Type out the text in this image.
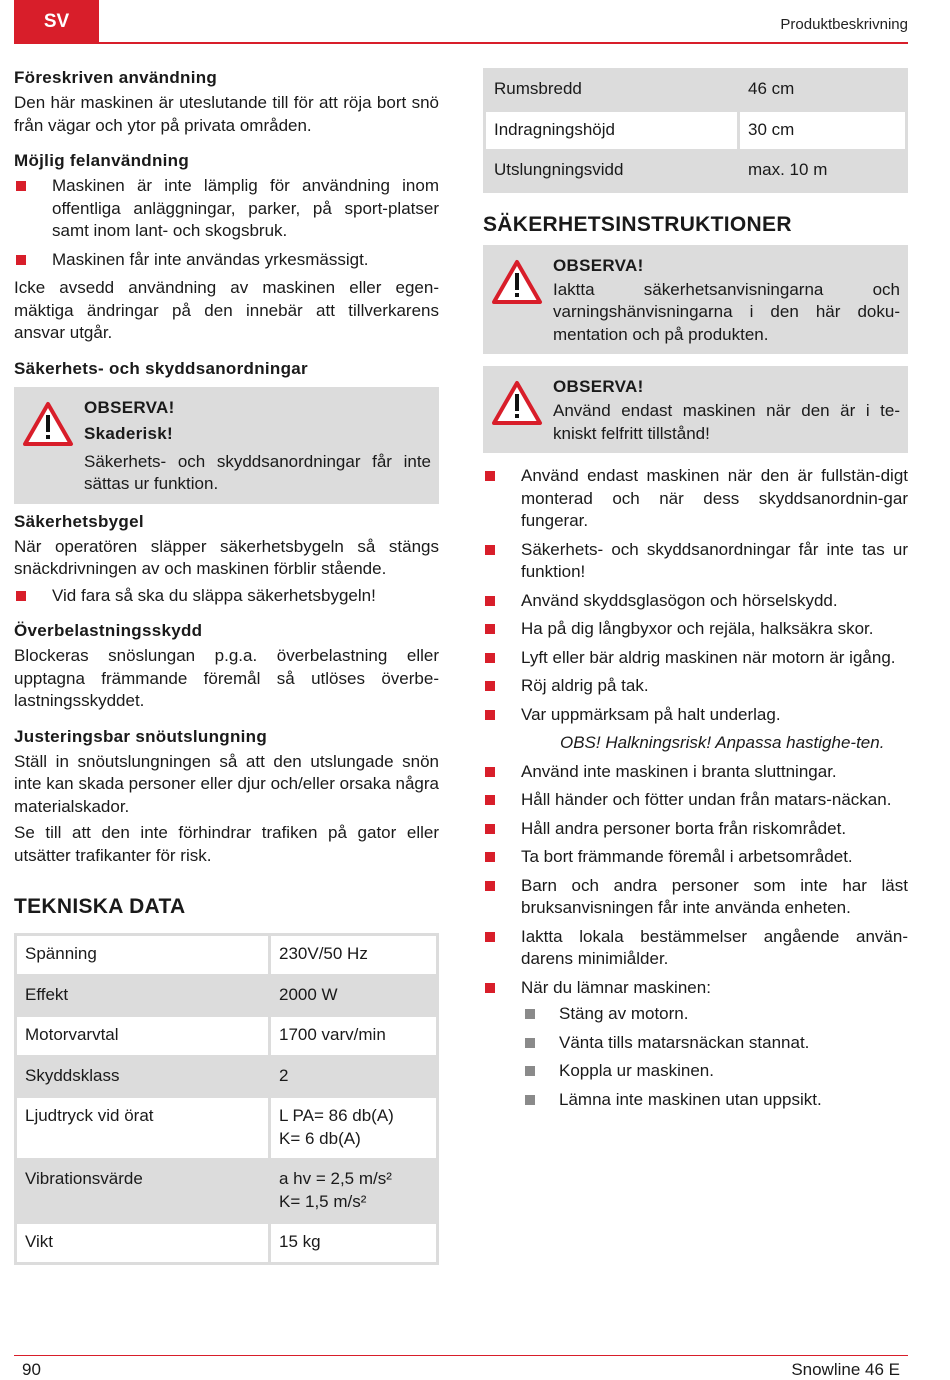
SV	Produktbeskrivning
Föreskriven användning

Den här maskinen är uteslutande till för att röja bort snö från vägar och ytor på privata områden.

Möjlig felanvändning
Maskinen är inte lämplig för användning inom offentliga anläggningar, parker, på sport-platser samt inom lant- och skogsbruk.
Maskinen får inte användas yrkesmässigt.

Icke avsedd användning av maskinen eller egen-mäktiga ändringar på den innebär att tillverkarens ansvar utgår.

Säkerhets- och skyddsanordningar
OBSERVA!
Skaderisk!
Säkerhets- och skyddsanordningar får inte sättas ur funktion.
Säkerhetsbygel

När operatören släpper säkerhetsbygeln så stängs snäckdrivningen av och maskinen förblir stående.

Vid fara så ska du släppa säkerhetsbygeln!
Överbelastningsskydd

Blockeras snöslungan p.g.a. överbelastning eller upptagna främmande föremål så utlöses överbe-lastningsskyddet.

Justeringsbar snöutslungning

Ställ in snöutslungningen så att den utslungade snön inte kan skada personer eller djur och/eller orsaka några materialskador.

Se till att den inte förhindrar trafiken på gator eller utsätter trafikanter för risk.

TEKNISKA DATA
Spänning	230V/50 Hz
Effekt	2000 W
Motorvarvtal	1700 varv/min
Skyddsklass	2
Ljudtryck vid örat	L PA= 86 db(A)
K= 6 db(A)
Vibrationsvärde	a hv = 2,5 m/s²
K= 1,5 m/s²
Vikt	15 kg
Rumsbredd	46 cm
Indragningshöjd	30 cm
Utslungningsvidd	max. 10 m
SÄKERHETSINSTRUKTIONER
OBSERVA!
Iaktta säkerhetsanvisningarna och varningshänvisningarna i den här doku-mentation och på produkten.
OBSERVA!
Använd endast maskinen när den är i te-kniskt felfritt tillstånd!
Använd endast maskinen när den är fullstän-digt monterad och när dess skyddsanordnin-gar fungerar.
Säkerhets- och skyddsanordningar får inte tas ur funktion!
Använd skyddsglasögon och hörselskydd.
Ha på dig långbyxor och rejäla, halksäkra skor.
Lyft eller bär aldrig maskinen när motorn är igång.
Röj aldrig på tak.
Var uppmärksam på halt underlag.

OBS! Halkningsrisk! Anpassa hastighe-ten.

Använd inte maskinen i branta sluttningar.
Håll händer och fötter undan från matars-näckan.
Håll andra personer borta från riskområdet.
Ta bort främmande föremål i arbetsområdet.
Barn och andra personer som inte har läst bruksanvisningen får inte använda enheten.
Iaktta lokala bestämmelser angående använ-darens minimiålder.
När du lämnar maskinen:
Stäng av motorn.
Vänta tills matarsnäckan stannat.
Koppla ur maskinen.
Lämna inte maskinen utan uppsikt.
90	Snowline 46 E
